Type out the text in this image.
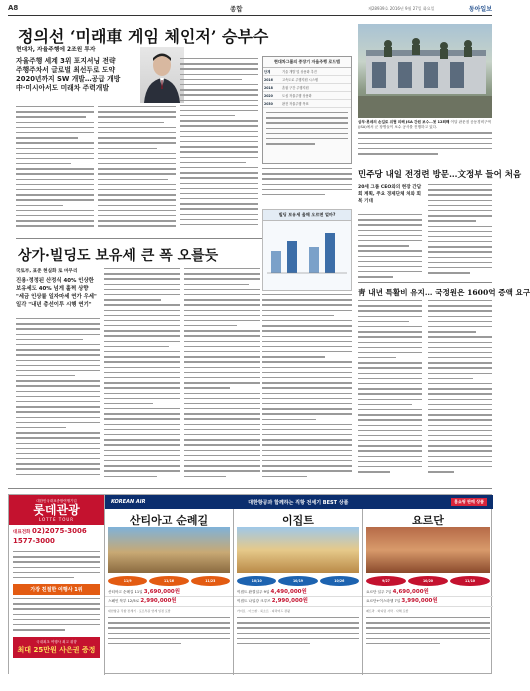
A8	종합	제28939호 2016년 9월 27일 화요일	동아일보
정의선 ‘미래車 게임 체인저’ 승부수
현대차, 자율주행에 2조원 투자
자율주행 세계 3위 포지셔닝 전략
주행주차서 글로벌 최선두로 도약
2020년까지 SW 개발…공급 개방
中·미시아서도 미래차 주력개발
현대차그룹의 중장기 자율주행 로드맵
단계	기술 개발 및 상용화 추진
2016	고속도로 주행지원 시스템
2018	혼잡 구간 주행지원
2020	도심 자율주행 상용화
2030	완전 자율주행 목표
삼부·롯데의 손길로 위협 피해 JSA 간원 보수…첫 12회째 이달 판문점 공동경비구역(JSA)에서 군 장병들이 보수 공사를 진행하고 있다.
민주당 내일 전경련 방문…文정부 들어 처음
20세 그룹 CEO와의 현장 간담회 계획, 주요 경제단체 처와 회복 기대
靑 내년 특활비 유지… 국정원은 1600억 증액 요구
상가·빌딩도 보유세 큰 폭 오를듯
국토부, 표준 현실화 로 마무리
진용·정정된 산정식 40% 인상한
보유세도 40% 넘게 훌쩍 상향
"세금 인상률 일자마세 연가 우세"
일각 "내년 총선이투 시행 연기"
빌딩 보유세 올해 오르면 얼마?
대한민국대표종합여행기업
롯데관광
LOTTE TOUR
대표전화 02)2075-3006
1577-3000
가장 친절한 여행사 1위
국내최초 여행사 최고 취향
최대 25만원 사은권 증정
KOREAN AIR	대한항공과 함께하는 직항 전세기 BEST 상품	홈쇼핑 판매 상품
산티아고 순례길
11/9	11/16	11/23
산티아고 순례길 11일 3,690,000원
스페인 북부 12/5로 2,990,000원
대한항공 직항 전세기 · 포르투갈 연계 일정 포함
이집트
10/10	10/19	10/26
이집트 완결일주 9일 4,490,000원
이집트 나일강 크루즈 2,990,000원
카이로 · 아스완 · 룩소르 · 피라미드 관광
요르단
9/27	10/20	11/10
요르단 일주 7일 4,690,000원
요르단+이스라엘 7일 3,990,000원
페트라 · 와디럼 사막 · 사해 포함
